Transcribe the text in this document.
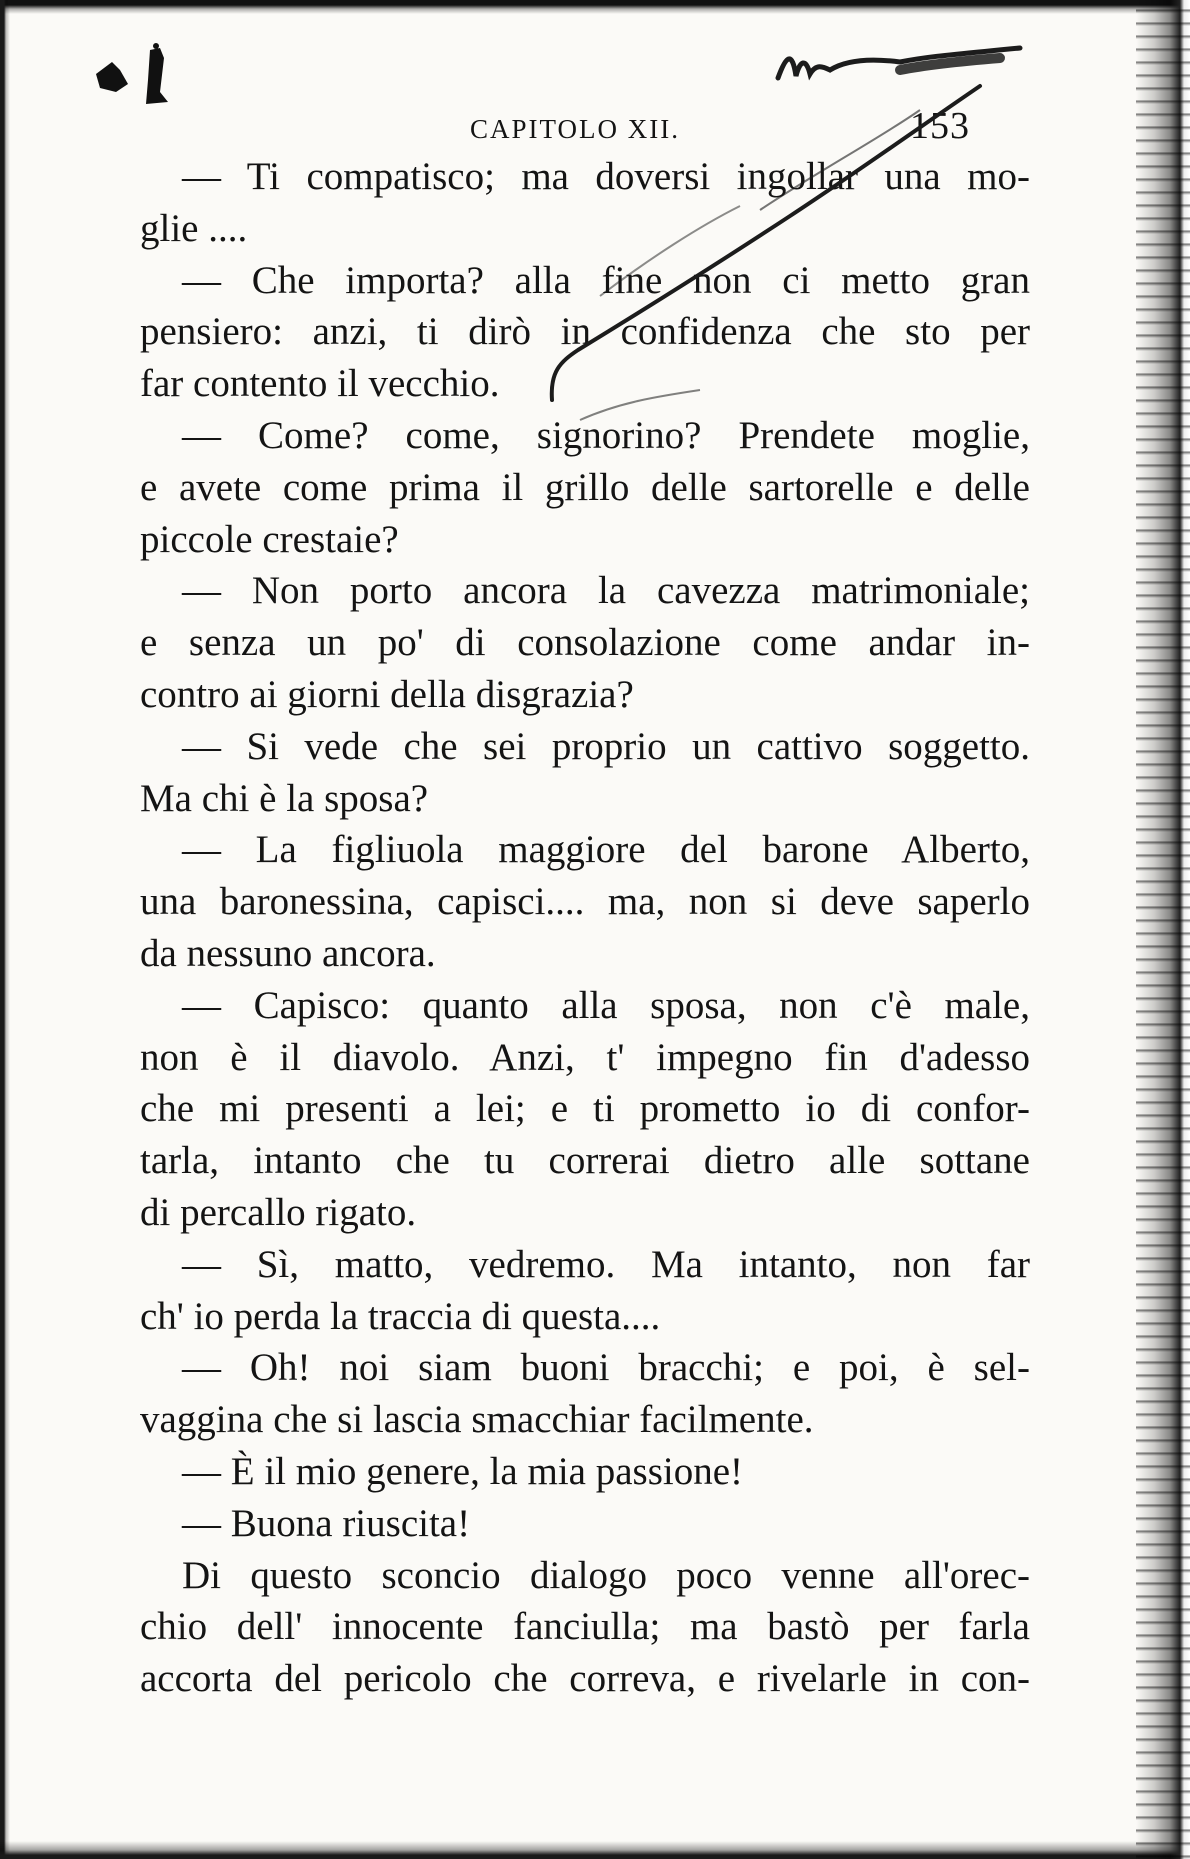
CAPITOLO XII.	153
— Ti compatisco; ma doversi ingollar una mo-
glie ....
— Che importa? alla fine non ci metto gran
pensiero: anzi, ti dirò in confidenza che sto per
far contento il vecchio.
— Come? come, signorino? Prendete moglie,
e avete come prima il grillo delle sartorelle e delle
piccole crestaie?
— Non porto ancora la cavezza matrimoniale;
e senza un po' di consolazione come andar in-
contro ai giorni della disgrazia?
— Si vede che sei proprio un cattivo soggetto.
Ma chi è la sposa?
— La figliuola maggiore del barone Alberto,
una baronessina, capisci.... ma, non si deve saperlo
da nessuno ancora.
— Capisco: quanto alla sposa, non c'è male,
non è il diavolo. Anzi, t' impegno fin d'adesso
che mi presenti a lei; e ti prometto io di confor-
tarla, intanto che tu correrai dietro alle sottane
di percallo rigato.
— Sì, matto, vedremo. Ma intanto, non far
ch' io perda la traccia di questa....
— Oh! noi siam buoni bracchi; e poi, è sel-
vaggina che si lascia smacchiar facilmente.
— È il mio genere, la mia passione!
— Buona riuscita!
Di questo sconcio dialogo poco venne all'orec-
chio dell' innocente fanciulla; ma bastò per farla
accorta del pericolo che correva, e rivelarle in con-
